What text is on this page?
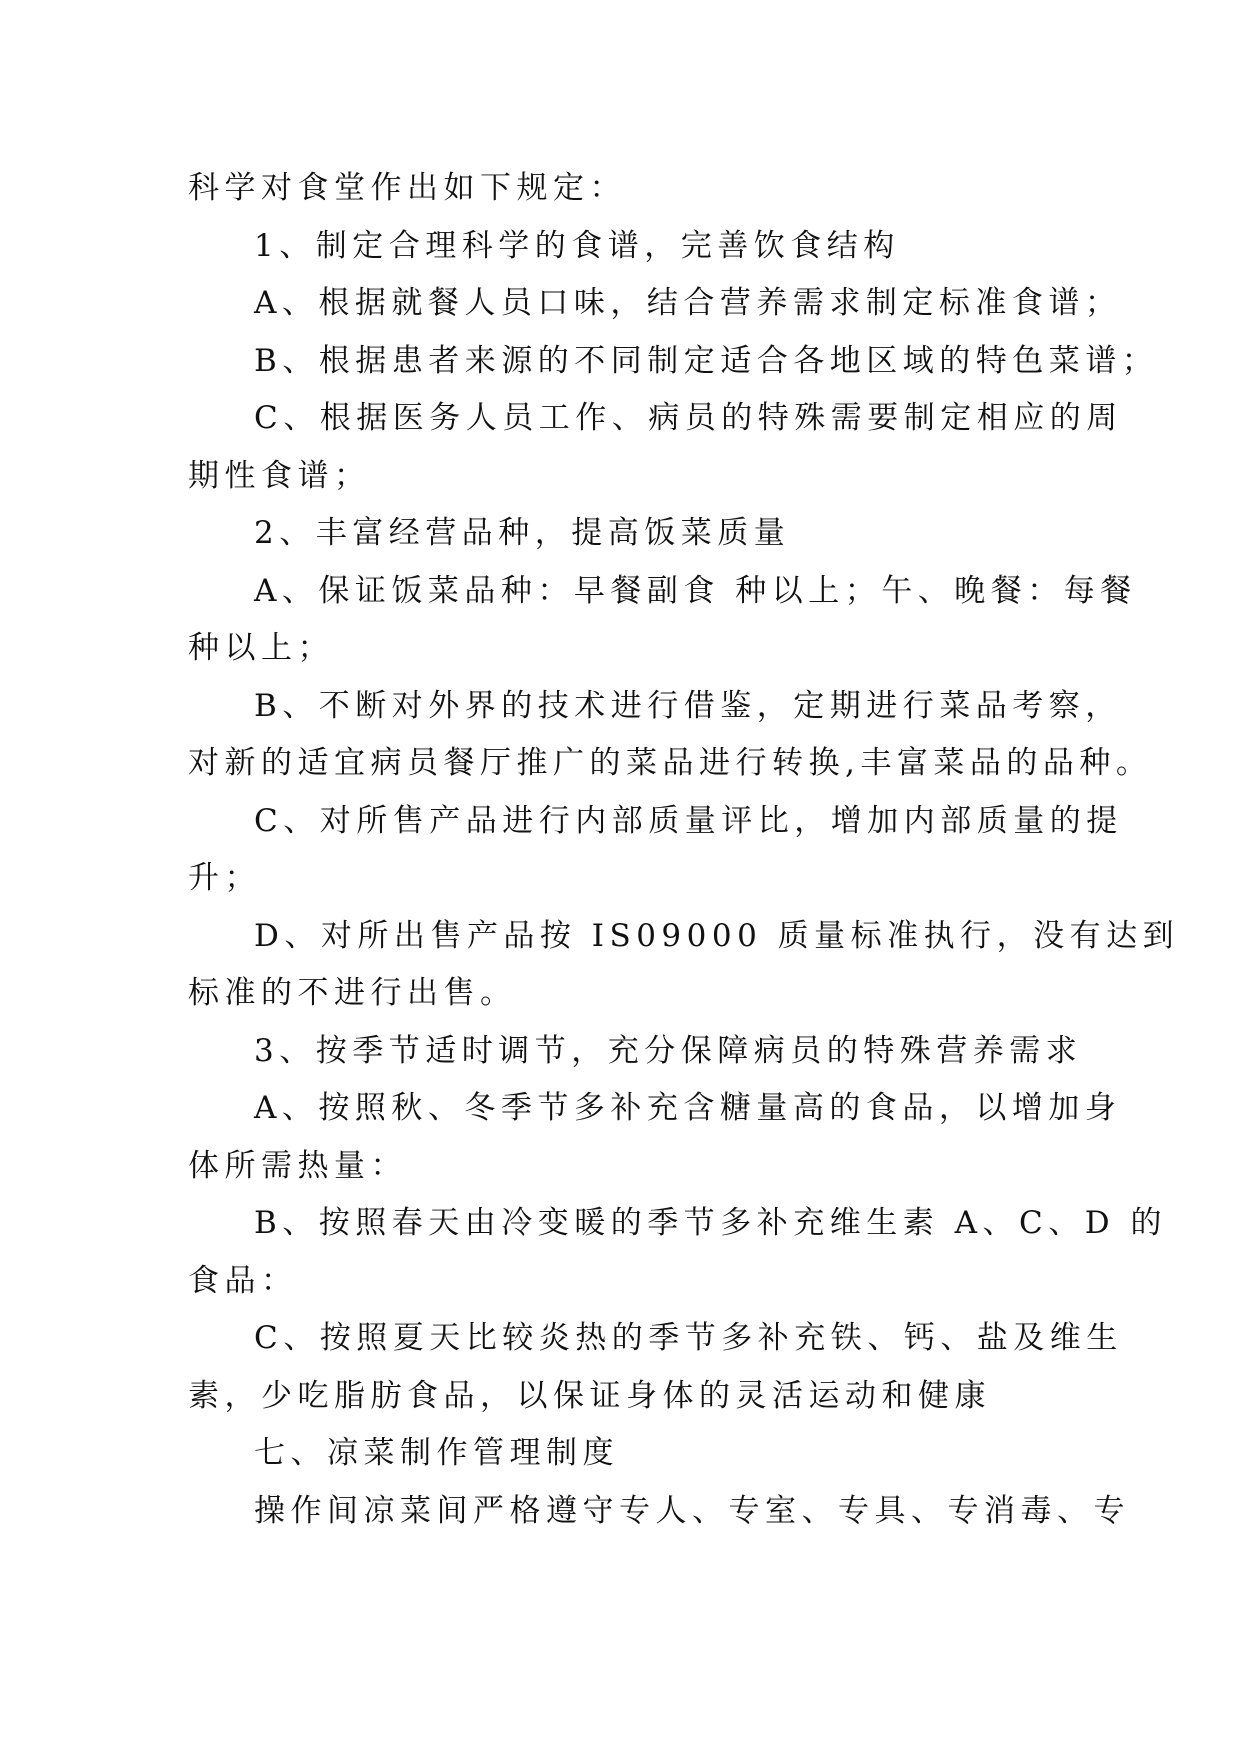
科学对食堂作出如下规定：

1、制定合理科学的食谱，完善饮食结构

A、根据就餐人员口味，结合营养需求制定标准食谱；

B、根据患者来源的不同制定适合各地区域的特色菜谱；

C、根据医务人员工作、病员的特殊需要制定相应的周

期性食谱；

2、丰富经营品种，提高饭菜质量

A、保证饭菜品种：早餐副食 种以上；午、晚餐：每餐

种以上；

B、不断对外界的技术进行借鉴，定期进行菜品考察，

对新的适宜病员餐厅推广的菜品进行转换,丰富菜品的品种。

C、对所售产品进行内部质量评比，增加内部质量的提

升；

D、对所出售产品按 IS09000 质量标准执行，没有达到

标准的不进行出售。

3、按季节适时调节，充分保障病员的特殊营养需求

A、按照秋、冬季节多补充含糖量高的食品，以增加身

体所需热量：

B、按照春天由冷变暖的季节多补充维生素 A、C、D 的

食品：

C、按照夏天比较炎热的季节多补充铁、钙、盐及维生

素，少吃脂肪食品，以保证身体的灵活运动和健康

七、凉菜制作管理制度

操作间凉菜间严格遵守专人、专室、专具、专消毒、专
